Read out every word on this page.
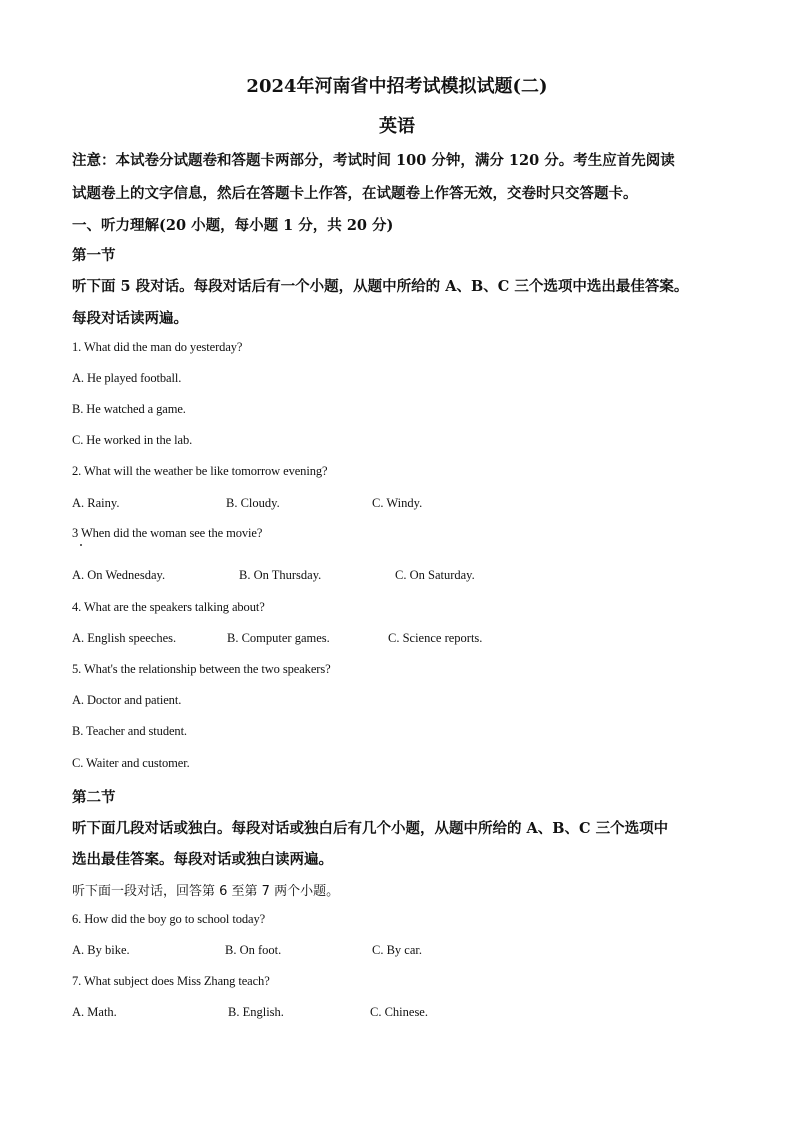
2024年河南省中招考试模拟试题(二)
英语
注意：本试卷分试题卷和答题卡两部分，考试时间 100 分钟，满分 120 分。考生应首先阅读
试题卷上的文字信息，然后在答题卡上作答，在试题卷上作答无效，交卷时只交答题卡。
一、听力理解(20 小题，每小题 1 分，共 20 分)
第一节
听下面 5 段对话。每段对话后有一个小题，从题中所给的 A、B、C 三个选项中选出最佳答案。
每段对话读两遍。
1. What did the man do yesterday?
A. He played football.
B. He watched a game.
C. He worked in the lab.
2. What will the weather be like tomorrow evening?
A. Rainy.	B. Cloudy.	C. Windy.
3 When did the woman see the movie?
A. On Wednesday.	B. On Thursday.	C. On Saturday.
4. What are the speakers talking about?
A. English speeches.	B. Computer games.	C. Science reports.
5. What's the relationship between the two speakers?
A. Doctor and patient.
B. Teacher and student.
C. Waiter and customer.
第二节
听下面几段对话或独白。每段对话或独白后有几个小题，从题中所给的 A、B、C 三个选项中
选出最佳答案。每段对话或独白读两遍。
听下面一段对话，回答第 6 至第 7 两个小题。
6. How did the boy go to school today?
A. By bike.	B. On foot.	C. By car.
7. What subject does Miss Zhang teach?
A. Math.	B. English.	C. Chinese.
